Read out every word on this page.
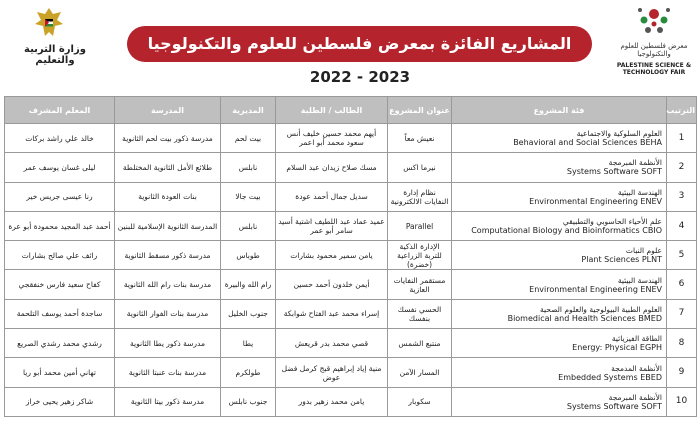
وزارة التربية والتعليم
المشاريع الفائزة بمعرض فلسطين للعلوم والتكنولوجيا
2022 - 2023
معرض فلسطين للعلوم والتكنولوجيا
PALESTINE SCIENCE & TECHNOLOGY FAIR
الترتيب	فئة المشروع	عنوان المشروع	الطالب / الطلبة	المديرية	المدرسة	المعلم المشرف
1	العلوم السلوكية والاجتماعية
Behavioral and Social Sciences BEHA	نعيش معاً	أيهم محمد حسين خليف أنس سعود محمد أبو اعمر	بيت لحم	مدرسة ذكور بيت لحم الثانوية	خالد علي راشد بركات
2	الأنظمة المبرمجة
Systems Software SOFT	نيرما اكس	مسك صلاح زيدان عبد السلام	نابلس	طلائع الأمل الثانوية المختلطة	ليلى غسان يوسف عمر
3	الهندسة البيئية
Environmental Engineering ENEV	نظام إدارة النفايات الالكترونية	سديل جمال أحمد عودة	بيت جالا	بنات العودة الثانوية	رنا عيسى جريس خير
4	علم الأحياء الحاسوبي والتطبيقي
Computational Biology and Bioinformatics CBIO	Parallel	عميد عماد عبد اللطيف اشتية أسيد سامر أبو عمر	نابلس	المدرسة الثانوية الإسلامية للبنين	أحمد عبد المجيد محمودة أبو عرة
5	علوم النبات
Plant Sciences PLNT	الإدارة الذكية للتربة الزراعية (خضرة)	يامن سمير محمود بشارات	طوباس	مدرسة ذكور مسقط الثانوية	رائف علي صالح بشارات
6	الهندسة البيئية
Environmental Engineering ENEV	مستقمر النفايات العازية	أيمن خلدون أحمد حسين	رام الله والبيرة	مدرسة بنات رام الله الثانوية	كفاح سعيد فارس خنفقجي
7	العلوم الطبية البيولوجية والعلوم الصحية
Biomedical and Health Sciences BMED	الحسي نفسك بنفسك	إسراء محمد عبد الفتاح شوابكة	جنوب الخليل	مدرسة بنات الفوار الثانوية	ساجدة أحمد يوسف التلحمة
8	الطاقة الفيزيائية
Energy: Physical EGPH	منتبع الشمس	قصي محمد بدر قريعش	يطا	مدرسة ذكور يطا الثانوية	رشدي محمد رشدي الصريع
9	الأنظمة المدمجة
Embedded Systems EBED	المسار الآمن	منية إياد إبراهيم قبج كرمل فضل عوض	طولكرم	مدرسة بنات عنبتا الثانوية	تهاني أمين محمد أبو ريا
10	الأنظمة المبرمجة
Systems Software SOFT	سكوبار	يامن محمد زهير بدور	جنوب نابلس	مدرسة ذكور بيتا الثانوية	شاكر زهير يحيى خراز
